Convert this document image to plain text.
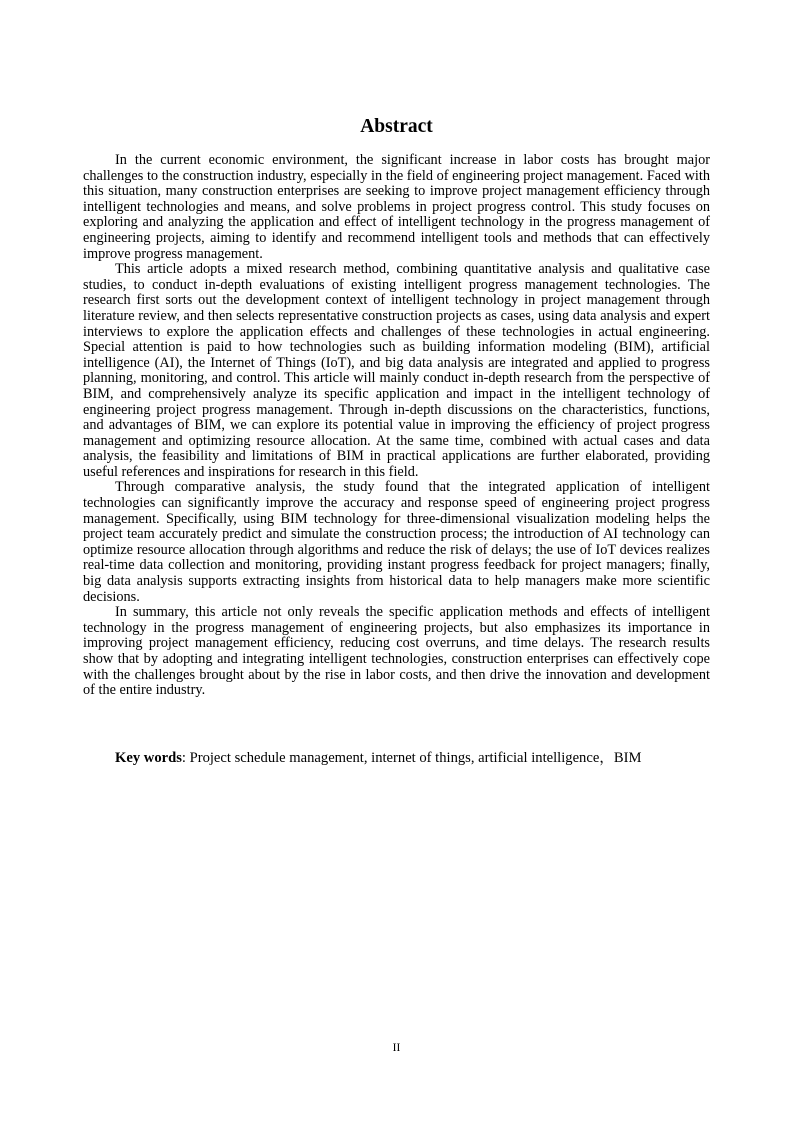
Abstract

In the current economic environment, the significant increase in labor costs has brought major challenges to the construction industry, especially in the field of engineering project management. Faced with this situation, many construction enterprises are seeking to improve project management efficiency through intelligent technologies and means, and solve problems in project progress control. This study focuses on exploring and analyzing the application and effect of intelligent technology in the progress management of engineering projects, aiming to identify and recommend intelligent tools and methods that can effectively improve progress management.

This article adopts a mixed research method, combining quantitative analysis and qualitative case studies, to conduct in-depth evaluations of existing intelligent progress management technologies. The research first sorts out the development context of intelligent technology in project management through literature review, and then selects representative construction projects as cases, using data analysis and expert interviews to explore the application effects and challenges of these technologies in actual engineering. Special attention is paid to how technologies such as building information modeling (BIM), artificial intelligence (AI), the Internet of Things (IoT), and big data analysis are integrated and applied to progress planning, monitoring, and control. This article will mainly conduct in-depth research from the perspective of BIM, and comprehensively analyze its specific application and impact in the intelligent technology of engineering project progress management. Through in-depth discussions on the characteristics, functions, and advantages of BIM, we can explore its potential value in improving the efficiency of project progress management and optimizing resource allocation. At the same time, combined with actual cases and data analysis, the feasibility and limitations of BIM in practical applications are further elaborated, providing useful references and inspirations for research in this field.

Through comparative analysis, the study found that the integrated application of intelligent technologies can significantly improve the accuracy and response speed of engineering project progress management. Specifically, using BIM technology for three-dimensional visualization modeling helps the project team accurately predict and simulate the construction process; the introduction of AI technology can optimize resource allocation through algorithms and reduce the risk of delays; the use of IoT devices realizes real-time data collection and monitoring, providing instant progress feedback for project managers; finally, big data analysis supports extracting insights from historical data to help managers make more scientific decisions.

In summary, this article not only reveals the specific application methods and effects of intelligent technology in the progress management of engineering projects, but also emphasizes its importance in improving project management efficiency, reducing cost overruns, and time delays. The research results show that by adopting and integrating intelligent technologies, construction enterprises can effectively cope with the challenges brought about by the rise in labor costs, and then drive the innovation and development of the entire industry.

Key words: Project schedule management, internet of things, artificial intelligence，BIM

II
